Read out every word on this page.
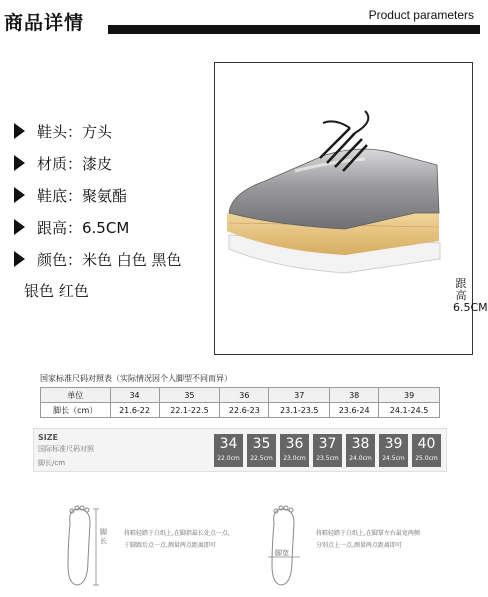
商品详情	Product parameters
鞋头：方头
材质：漆皮
鞋底：聚氨酯
跟高：6.5CM
颜色：米色 白色 黑色
银色 红色	跟高 6.5CM
国家标准尺码对照表（实际情况因个人脚型不同而异）
单位	34	35	36	37	38	39
脚长（cm）	21.6-22	22.1-22.5	22.6-23	23.1-23.5	23.6-24	24.1-24.5
SIZE
国际标准尺码对照
脚长/cm
34
22.0cm
35
22.5cm
36
23.0cm
37
23.5cm
38
24.0cm
39
24.5cm
40
25.0cm
脚长
将鞋轻踏于白纸上,在脚指最长处点一点,
于脚跟后点一点,测量两点距离即可
脚宽
将鞋轻踏于白纸上,在脚掌左右最宽两侧
分别点上一点,测量两点距离即可
